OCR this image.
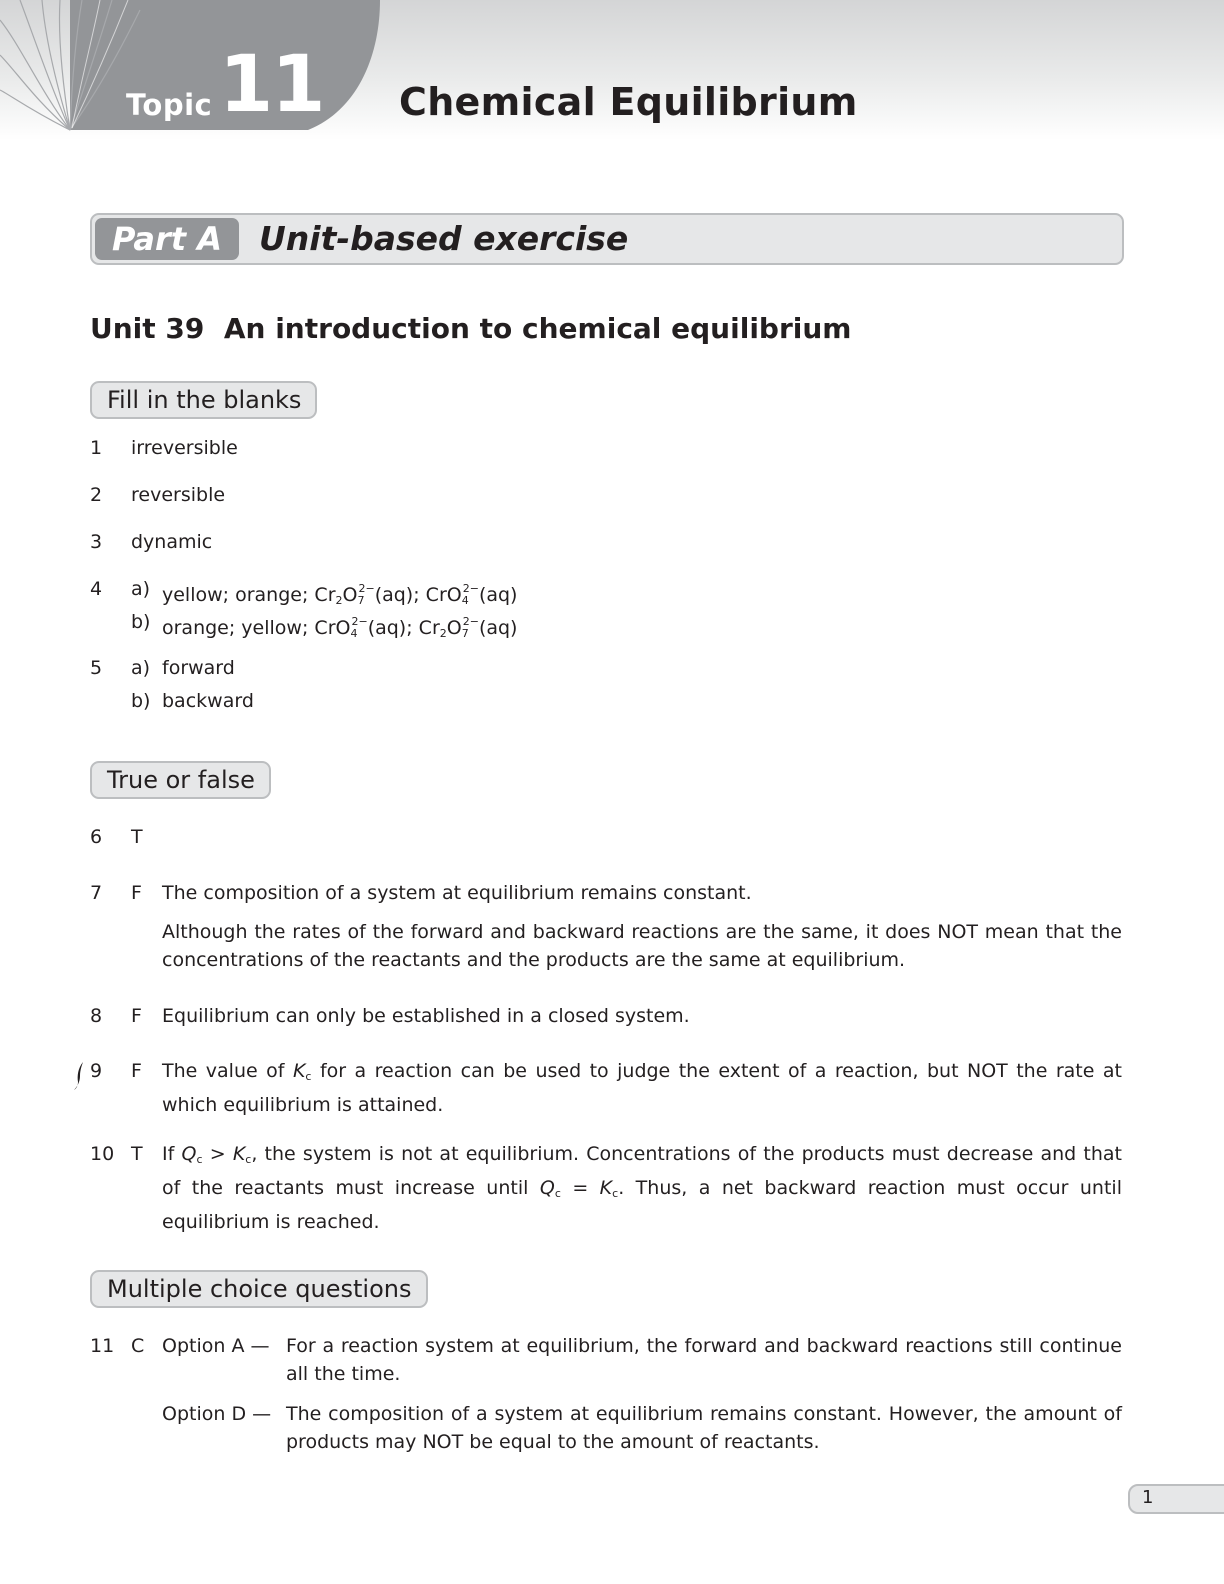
Topic 11 Chemical Equilibrium
Part A	Unit-based exercise
Unit 39  An introduction to chemical equilibrium
Fill in the blanks
1 irreversible
2 reversible
3 dynamic
4 a) yellow; orange; $Cr_2O_7^{2-}(aq)$; CrO$_4^{2-}$(aq)
b) orange; yellow; CrO$_4^{2-}$(aq); $Cr_2O_7^{2-}(aq)$
5 a) forward
b) backward
True or false
6 T
7 F The composition of a system at equilibrium remains constant.
Although the rates of the forward and backward reactions are the same, it does NOT mean that the concentrations of the reactants and the products are the same at equilibrium.
8 F Equilibrium can only be established in a closed system.
9 F The value of $K_c$ for a reaction can be used to judge the extent of a reaction, but NOT the rate at which equilibrium is attained.
10 T If $Q_c > K_c$, the system is not at equilibrium. Concentrations of the products must decrease and that of the reactants must increase until $Q_c = K_c$. Thus, a net backward reaction must occur until equilibrium is reached.
Multiple choice questions
11 C Option A — For a reaction system at equilibrium, the forward and backward reactions still continue all the time.
Option D — The composition of a system at equilibrium remains constant. However, the amount of products may NOT be equal to the amount of reactants.
1
